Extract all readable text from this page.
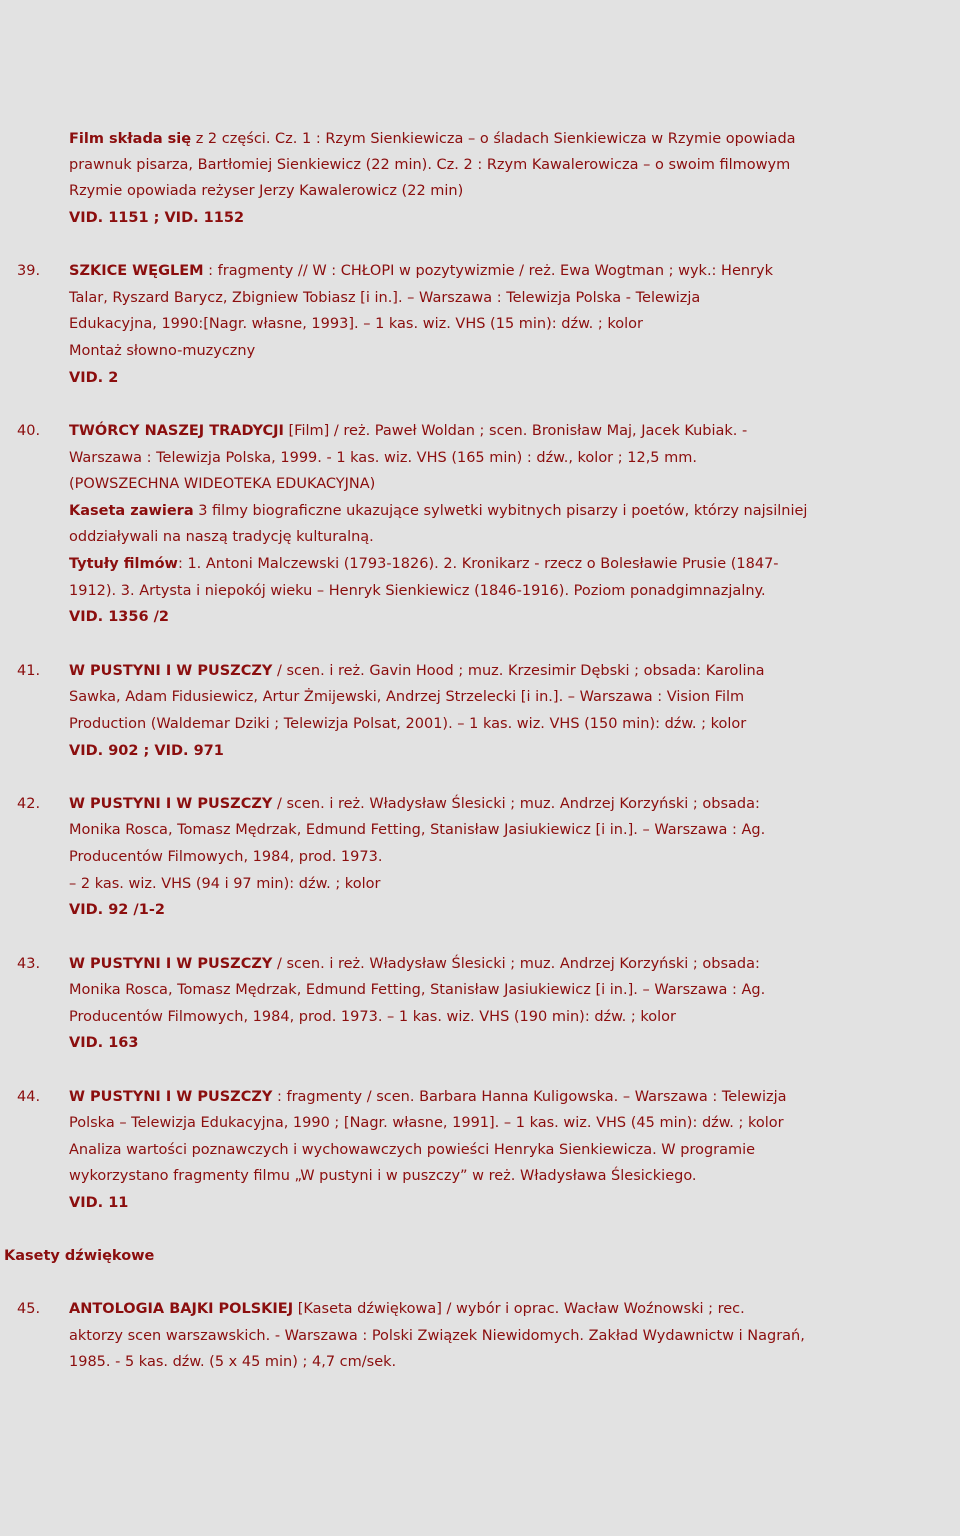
Film składa się z 2 części. Cz. 1 : Rzym Sienkiewicza – o śladach Sienkiewicza w Rzymie opowiada
prawnuk pisarza, Bartłomiej Sienkiewicz (22 min). Cz. 2 : Rzym Kawalerowicza – o swoim filmowym
Rzymie opowiada reżyser Jerzy Kawalerowicz (22 min)
VID. 1151 ; VID. 1152
39. SZKICE WĘGLEM : fragmenty // W : CHŁOPI w pozytywizmie / reż. Ewa Wogtman ; wyk.: Henryk
Talar, Ryszard Barycz, Zbigniew Tobiasz [i in.]. – Warszawa : Telewizja Polska - Telewizja
Edukacyjna, 1990:[Nagr. własne, 1993]. – 1 kas. wiz. VHS (15 min): dźw. ; kolor
Montaż słowno-muzyczny
VID. 2
40. TWÓRCY NASZEJ TRADYCJI [Film] / reż. Paweł Woldan ; scen. Bronisław Maj, Jacek Kubiak. -
Warszawa : Telewizja Polska, 1999. - 1 kas. wiz. VHS (165 min) : dźw., kolor ; 12,5 mm.
(POWSZECHNA WIDEOTEKA EDUKACYJNA)
Kaseta zawiera 3 filmy biograficzne ukazujące sylwetki wybitnych pisarzy i poetów, którzy najsilniej
oddziaływali na naszą tradycję kulturalną.
Tytuły filmów: 1. Antoni Malczewski (1793-1826). 2. Kronikarz - rzecz o Bolesławie Prusie (1847-
1912). 3. Artysta i niepokój wieku – Henryk Sienkiewicz (1846-1916). Poziom ponadgimnazjalny.
VID. 1356 /2
41. W PUSTYNI I W PUSZCZY / scen. i reż. Gavin Hood ; muz. Krzesimir Dębski ; obsada: Karolina
Sawka, Adam Fidusiewicz, Artur Żmijewski, Andrzej Strzelecki [i in.]. – Warszawa : Vision Film
Production (Waldemar Dziki ; Telewizja Polsat, 2001). – 1 kas. wiz. VHS (150 min): dźw. ; kolor
VID. 902 ; VID. 971
42. W PUSTYNI I W PUSZCZY / scen. i reż. Władysław Ślesicki ; muz. Andrzej Korzyński ; obsada:
Monika Rosca, Tomasz Mędrzak, Edmund Fetting, Stanisław Jasiukiewicz [i in.]. – Warszawa : Ag.
Producentów Filmowych, 1984, prod. 1973.
– 2 kas. wiz. VHS (94 i 97 min): dźw. ; kolor
VID. 92 /1-2
43. W PUSTYNI I W PUSZCZY / scen. i reż. Władysław Ślesicki ; muz. Andrzej Korzyński ; obsada:
Monika Rosca, Tomasz Mędrzak, Edmund Fetting, Stanisław Jasiukiewicz [i in.]. – Warszawa : Ag.
Producentów Filmowych, 1984, prod. 1973. – 1 kas. wiz. VHS (190 min): dźw. ; kolor
VID. 163
44. W PUSTYNI I W PUSZCZY : fragmenty / scen. Barbara Hanna Kuligowska. – Warszawa : Telewizja
Polska – Telewizja Edukacyjna, 1990 ; [Nagr. własne, 1991]. – 1 kas. wiz. VHS (45 min): dźw. ; kolor
Analiza wartości poznawczych i wychowawczych powieści Henryka Sienkiewicza. W programie
wykorzystano fragmenty filmu „W pustyni i w puszczy” w reż. Władysława Ślesickiego.
VID. 11
Kasety dźwiękowe
45. ANTOLOGIA BAJKI POLSKIEJ [Kaseta dźwiękowa] / wybór i oprac. Wacław Woźnowski ; rec.
aktorzy scen warszawskich. - Warszawa : Polski Związek Niewidomych. Zakład Wydawnictw i Nagrań,
1985. - 5 kas. dźw. (5 x 45 min) ; 4,7 cm/sek.
